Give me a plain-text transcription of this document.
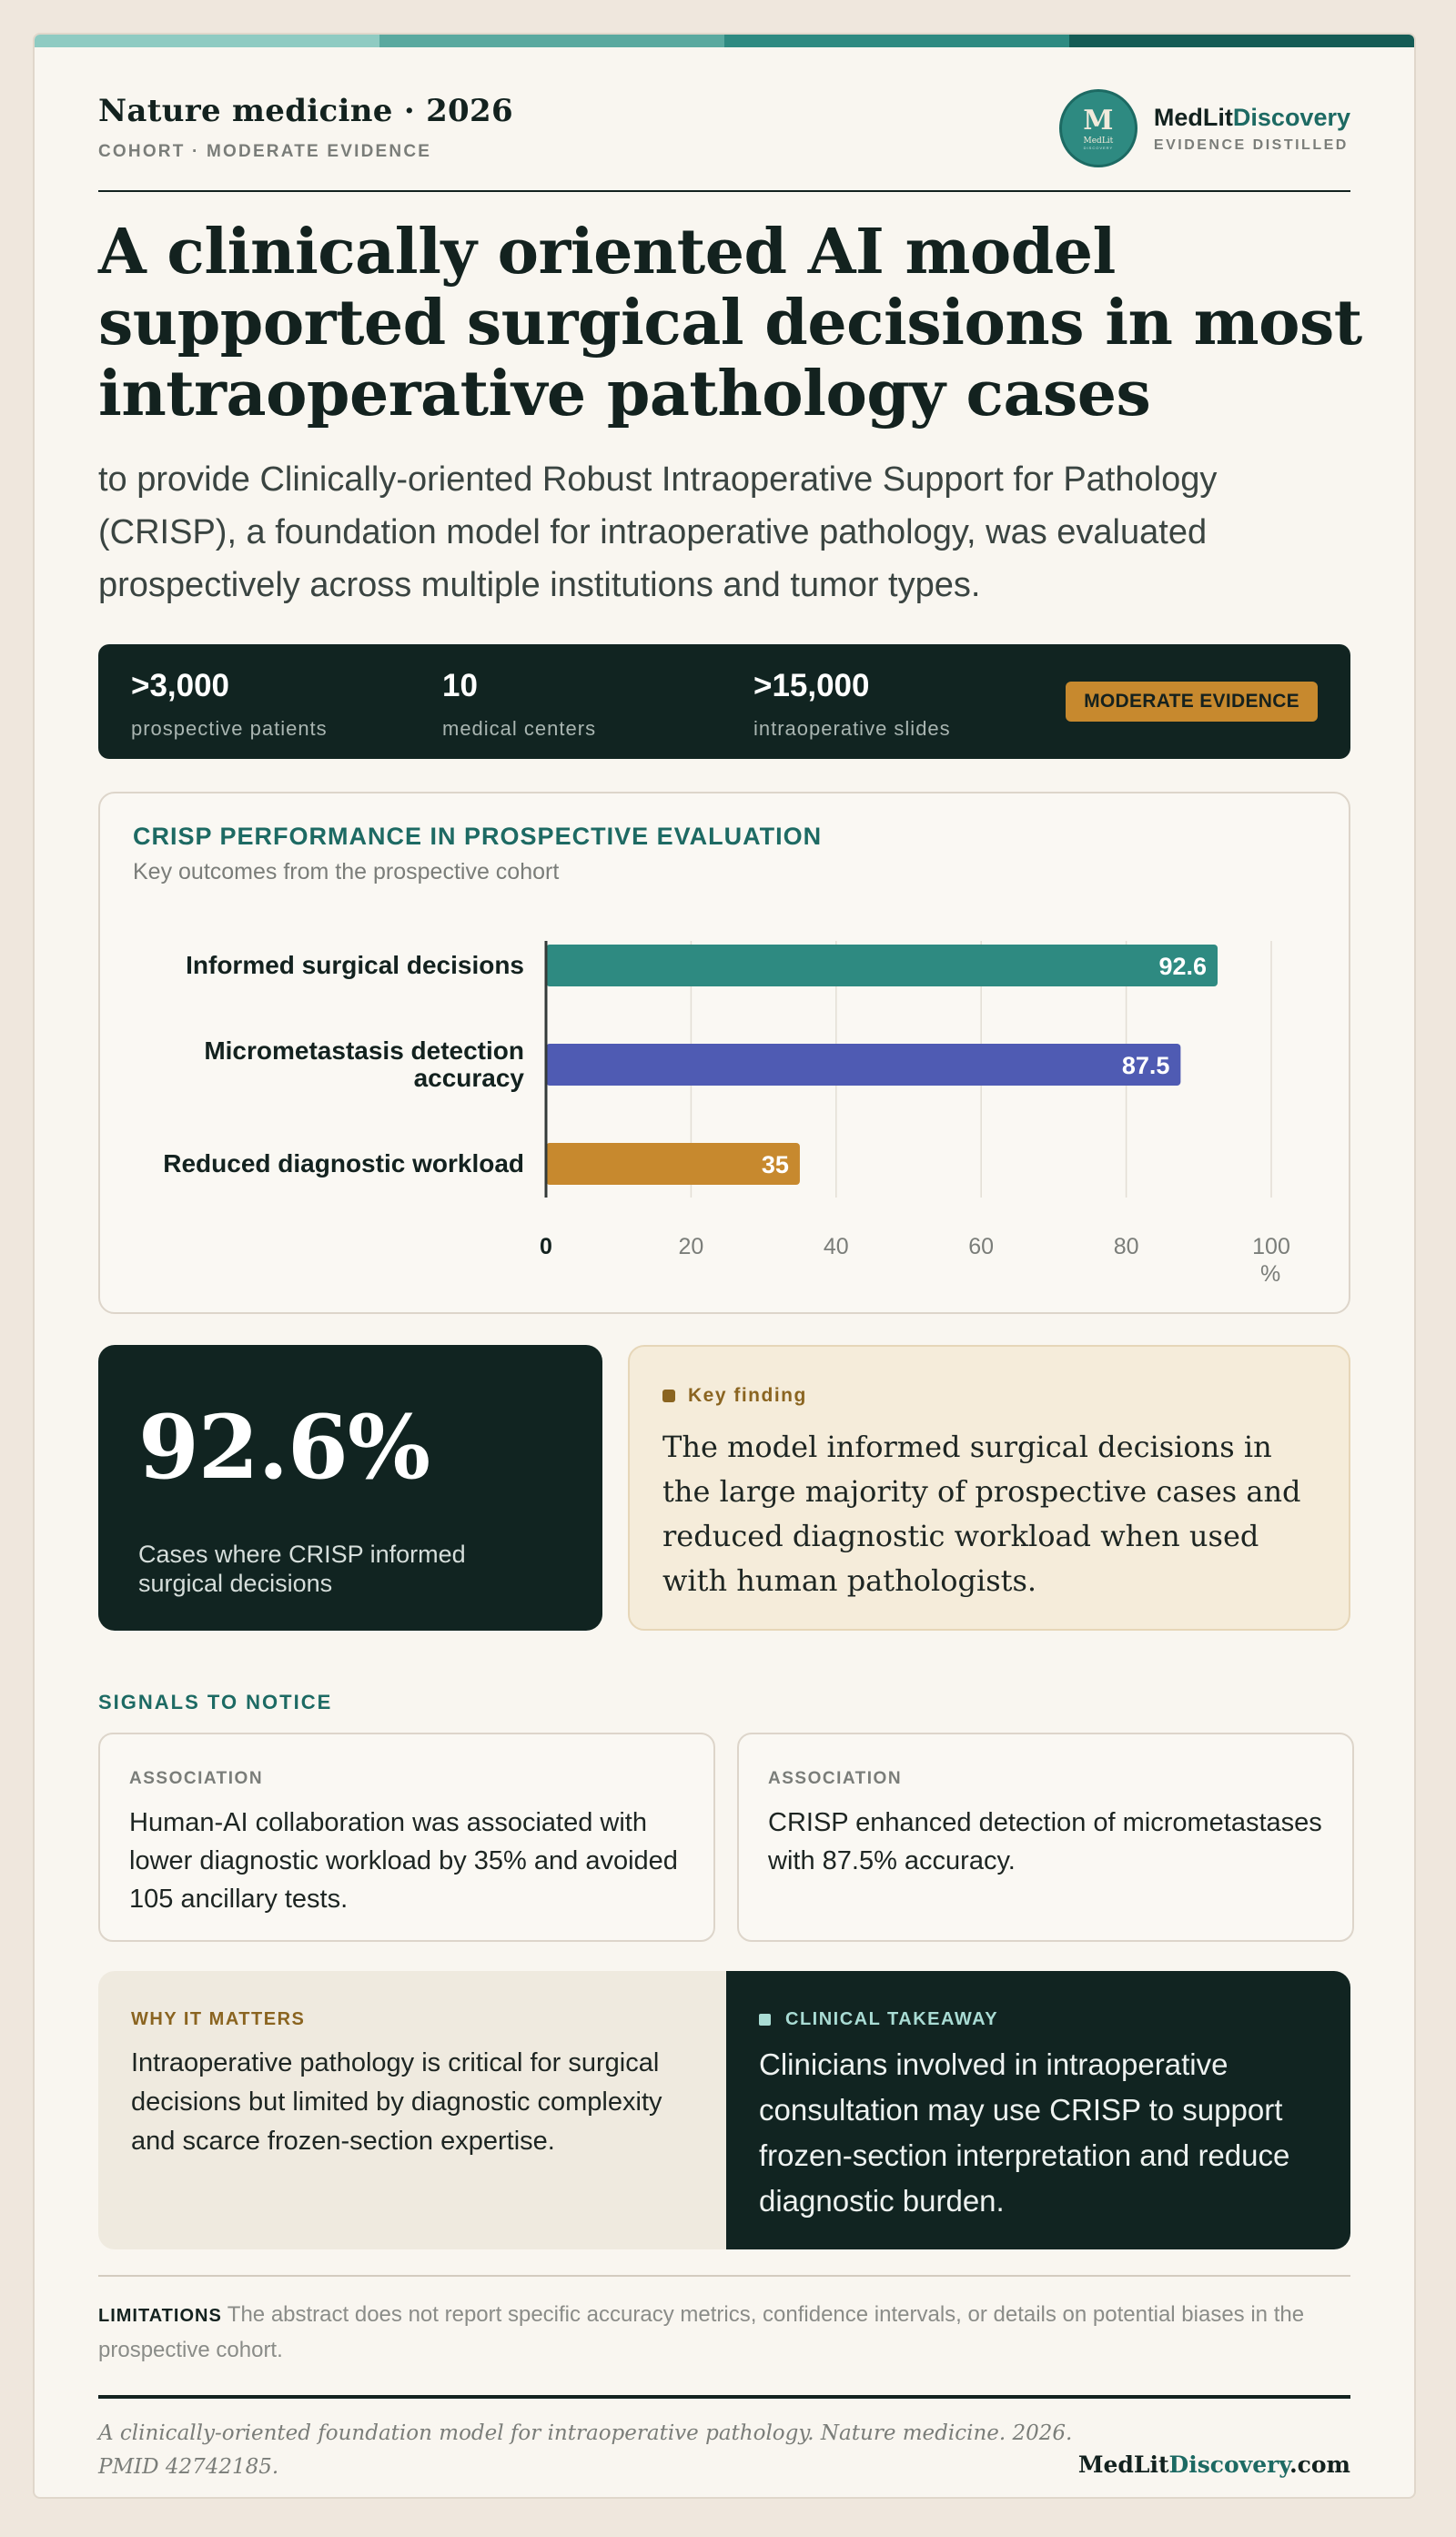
Nature medicine · 2026
COHORT · MODERATE EVIDENCE
M
MedLit
DISCOVERY
MedLitDiscovery
EVIDENCE DISTILLED
A clinically oriented AI model supported surgical decisions in most intraoperative pathology cases

to provide Clinically-oriented Robust Intraoperative Support for Pathology (CRISP), a foundation model for intraoperative pathology, was evaluated prospectively across multiple institutions and tumor types.

>3,000
prospective patients
10
medical centers
>15,000
intraoperative slides
MODERATE EVIDENCE
CRISP PERFORMANCE IN PROSPECTIVE EVALUATION
Key outcomes from the prospective cohort
92.6
Informed surgical decisions
87.5
Micrometastasis detection
accuracy
35
Reduced diagnostic workload
0	20	40	60	80	100
%
92.6%
Cases where CRISP informed surgical decisions
Key finding
The model informed surgical decisions in the large majority of prospective cases and reduced diagnostic workload when used with human pathologists.
SIGNALS TO NOTICE
ASSOCIATION
Human-AI collaboration was associated with lower diagnostic workload by 35% and avoided 105 ancillary tests.
ASSOCIATION
CRISP enhanced detection of micrometastases with 87.5% accuracy.
WHY IT MATTERS
Intraoperative pathology is critical for surgical decisions but limited by diagnostic complexity and scarce frozen-section expertise.
CLINICAL TAKEAWAY
Clinicians involved in intraoperative consultation may use CRISP to support frozen-section interpretation and reduce diagnostic burden.

LIMITATIONS The abstract does not report specific accuracy metrics, confidence intervals, or details on potential biases in the prospective cohort.

A clinically-oriented foundation model for intraoperative pathology. Nature medicine. 2026.
PMID 42742185.	MedLitDiscovery.com
